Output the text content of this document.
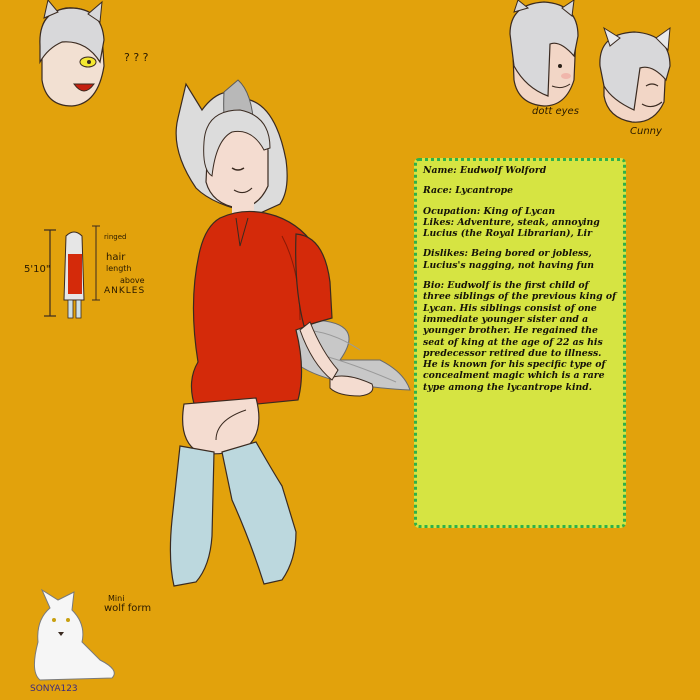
? ? ?
dott eyes
Cunny
5'10"
ringed
hair
length
above
ANKLES
Mini
wolf form
SONYA123

Name: Eudwolf Wolford

Race: Lycantrope

Ocupation: King of Lycan

Likes: Adventure, steak, annoying Lucius (the Royal Librarian), Lir

Dislikes: Being bored or jobless, Lucius's nagging, not having fun

Bio: Eudwolf is the first child of three siblings of the previous king of Lycan. His siblings consist of one immediate younger sister and a younger brother. He regained the seat of king at the age of 22 as his predecessor retired due to illness. He is known for his specific type of concealment magic which is a rare type among the lycantrope kind.
